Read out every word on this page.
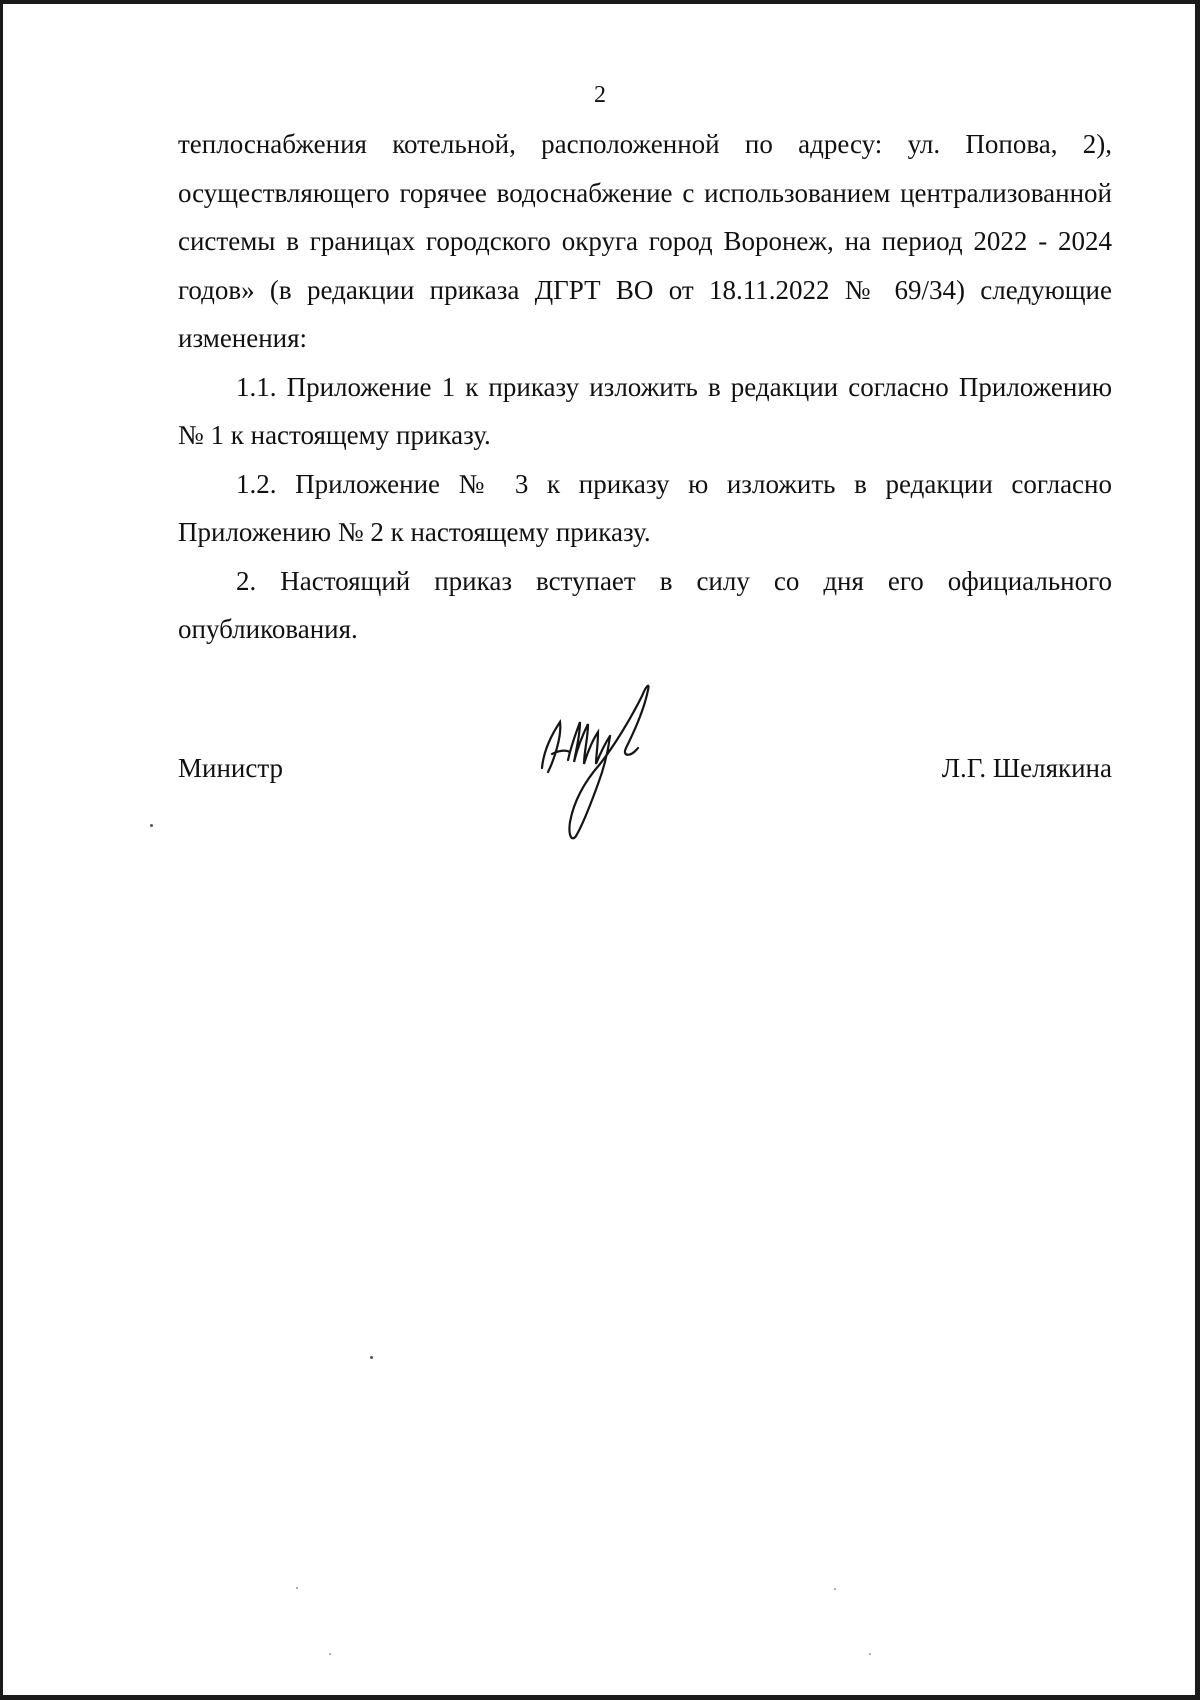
2

теплоснабжения котельной, расположенной по адресу: ул. Попова, 2), осуществляющего горячее водоснабжение с использованием централизованной системы в границах городского округа город Воронеж, на период 2022 - 2024 годов» (в редакции приказа ДГРТ ВО от 18.11.2022 № 69/34) следующие изменения:

1.1. Приложение 1 к приказу изложить в редакции согласно Приложению № 1 к настоящему приказу.

1.2. Приложение № 3 к приказу ю изложить в редакции согласно Приложению № 2 к настоящему приказу.

2. Настоящий приказ вступает в силу со дня его официального опубликования.

Министр	Л.Г. Шелякина
